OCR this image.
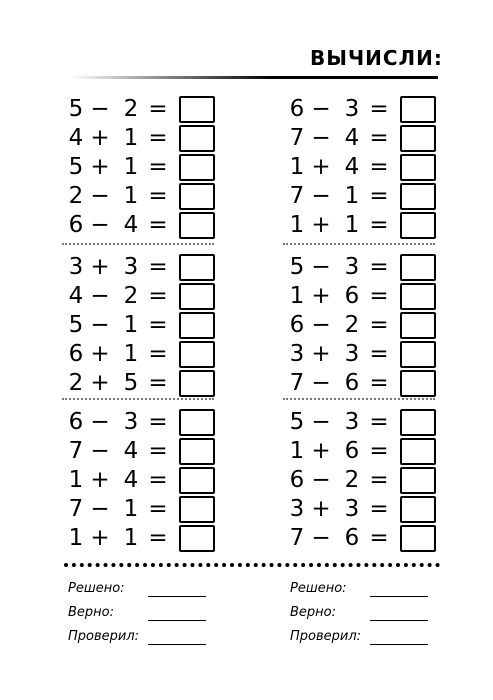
ВЫЧИСЛИ:
5 − 2 =
4 + 1 =
5 + 1 =
2 − 1 =
6 − 4 =
3 + 3 =
4 − 2 =
5 − 1 =
6 + 1 =
2 + 5 =
6 − 3 =
7 − 4 =
1 + 4 =
7 − 1 =
1 + 1 =
6 − 3 =
7 − 4 =
1 + 4 =
7 − 1 =
1 + 1 =
5 − 3 =
1 + 6 =
6 − 2 =
3 + 3 =
7 − 6 =
5 − 3 =
1 + 6 =
6 − 2 =
3 + 3 =
7 − 6 =
Решено:
Верно:
Проверил:
Решено:
Верно:
Проверил:
